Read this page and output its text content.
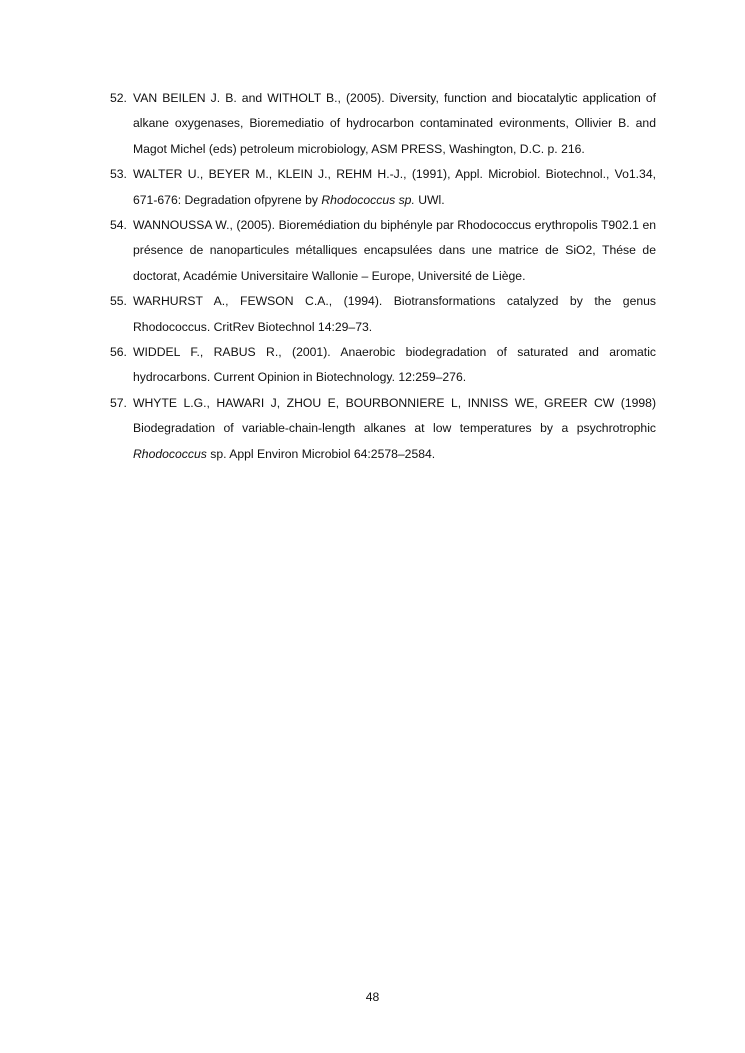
52. VAN BEILEN J. B. and WITHOLT B., (2005). Diversity, function and biocatalytic application of alkane oxygenases, Bioremediatio of hydrocarbon contaminated evironments, Ollivier B. and Magot Michel (eds) petroleum microbiology, ASM PRESS, Washington, D.C. p. 216.
53. WALTER U., BEYER M., KLEIN J., REHM H.-J., (1991), Appl. Microbiol. Biotechnol., Vo1.34, 671-676: Degradation ofpyrene by Rhodococcus sp. UWl.
54. WANNOUSSA W., (2005). Bioremédiation du biphényle par Rhodococcus erythropolis T902.1 en présence de nanoparticules métalliques encapsulées dans une matrice de SiO2, Thése de doctorat, Académie Universitaire Wallonie – Europe, Université de Liège.
55. WARHURST A., FEWSON C.A., (1994). Biotransformations catalyzed by the genus Rhodococcus. CritRev Biotechnol 14:29–73.
56. WIDDEL F., RABUS R., (2001). Anaerobic biodegradation of saturated and aromatic hydrocarbons. Current Opinion in Biotechnology. 12:259–276.
57. WHYTE L.G., HAWARI J, ZHOU E, BOURBONNIERE L, INNISS WE, GREER CW (1998) Biodegradation of variable-chain-length alkanes at low temperatures by a psychrotrophic Rhodococcus sp. Appl Environ Microbiol 64:2578–2584.
48
